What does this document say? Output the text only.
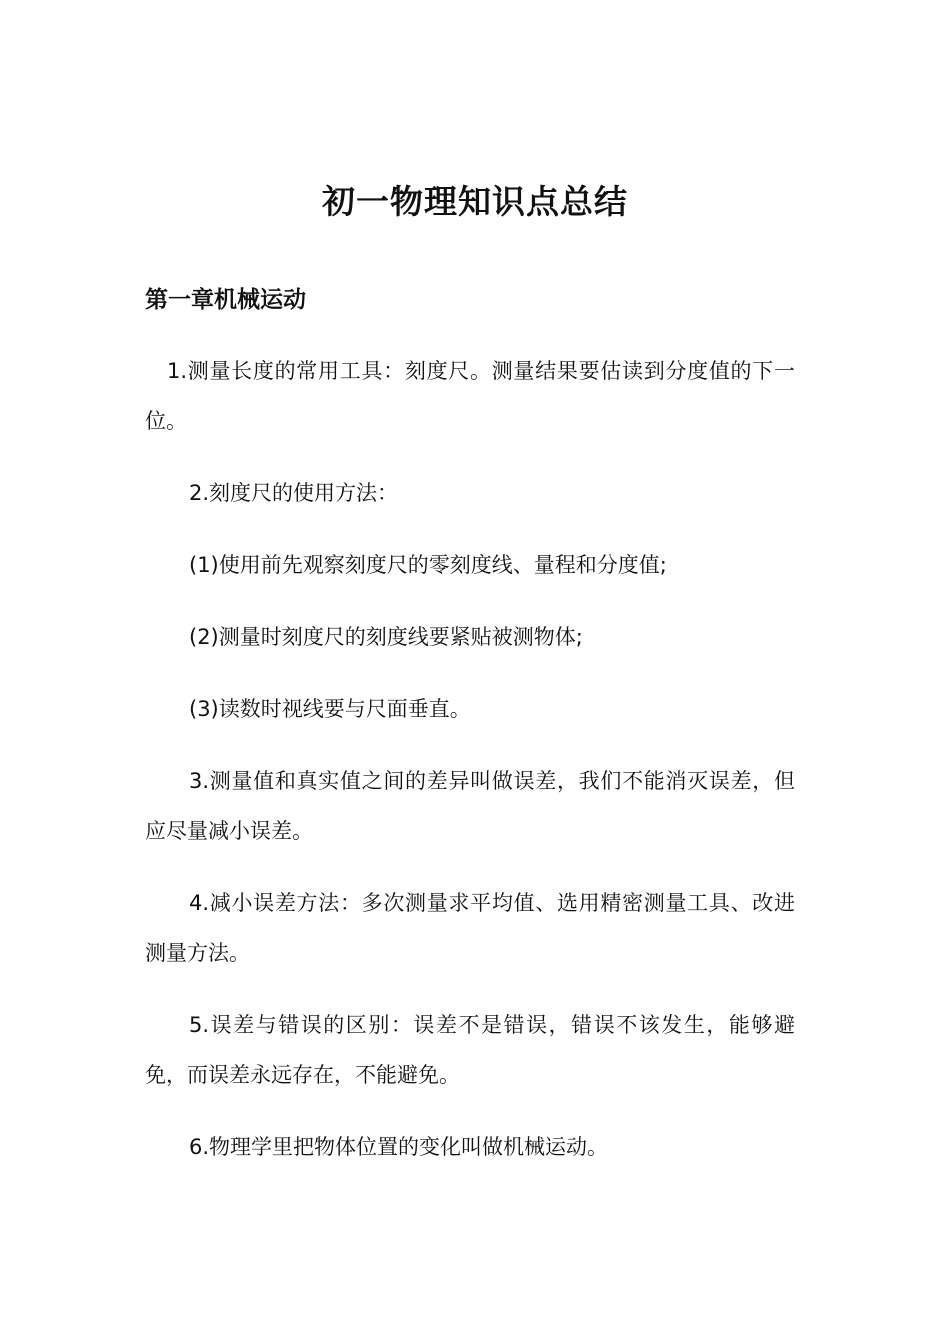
初一物理知识点总结
第一章机械运动

1.测量长度的常用工具：刻度尺。测量结果要估读到分度值的下一位。

2.刻度尺的使用方法：

(1)使用前先观察刻度尺的零刻度线、量程和分度值;

(2)测量时刻度尺的刻度线要紧贴被测物体;

(3)读数时视线要与尺面垂直。

3.测量值和真实值之间的差异叫做误差，我们不能消灭误差，但应尽量减小误差。

4.减小误差方法：多次测量求平均值、选用精密测量工具、改进测量方法。

5.误差与错误的区别：误差不是错误，错误不该发生，能够避免，而误差永远存在，不能避免。

6.物理学里把物体位置的变化叫做机械运动。
